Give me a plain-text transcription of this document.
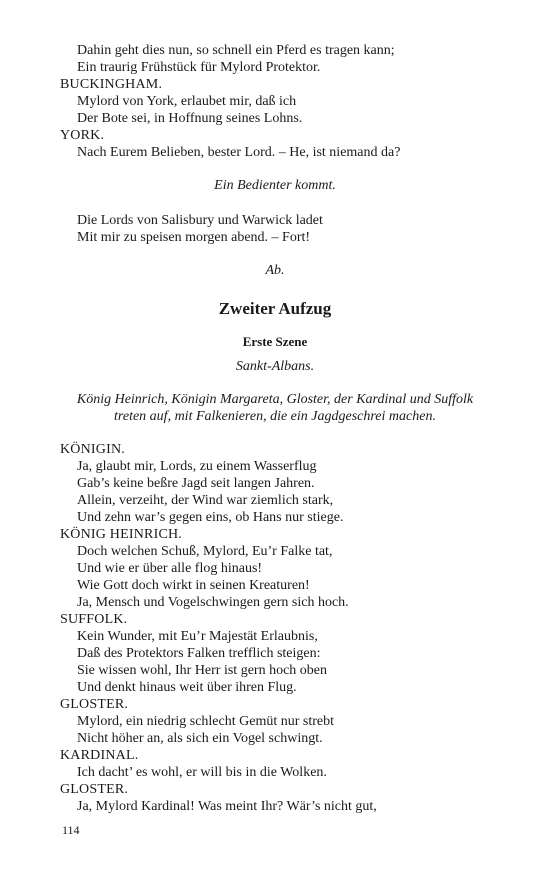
Dahin geht dies nun, so schnell ein Pferd es tragen kann;
Ein traurig Frühstück für Mylord Protektor.
BUCKINGHAM.
Mylord von York, erlaubet mir, daß ich
Der Bote sei, in Hoffnung seines Lohns.
YORK.
Nach Eurem Belieben, bester Lord. – He, ist niemand da?
Ein Bedienter kommt.
Die Lords von Salisbury und Warwick ladet
Mit mir zu speisen morgen abend. – Fort!
Ab.
Zweiter Aufzug
Erste Szene
Sankt-Albans.
König Heinrich, Königin Margareta, Gloster, der Kardinal und Suffolk treten auf, mit Falkenieren, die ein Jagdgeschrei machen.
KÖNIGIN.
Ja, glaubt mir, Lords, zu einem Wasserflug
Gab’s keine beßre Jagd seit langen Jahren.
Allein, verzeiht, der Wind war ziemlich stark,
Und zehn war’s gegen eins, ob Hans nur stiege.
KÖNIG HEINRICH.
Doch welchen Schuß, Mylord, Eu’r Falke tat,
Und wie er über alle flog hinaus!
Wie Gott doch wirkt in seinen Kreaturen!
Ja, Mensch und Vogelschwingen gern sich hoch.
SUFFOLK.
Kein Wunder, mit Eu’r Majestät Erlaubnis,
Daß des Protektors Falken trefflich steigen:
Sie wissen wohl, Ihr Herr ist gern hoch oben
Und denkt hinaus weit über ihren Flug.
GLOSTER.
Mylord, ein niedrig schlecht Gemüt nur strebt
Nicht höher an, als sich ein Vogel schwingt.
KARDINAL.
Ich dacht’ es wohl, er will bis in die Wolken.
GLOSTER.
Ja, Mylord Kardinal! Was meint Ihr? Wär’s nicht gut,
114
